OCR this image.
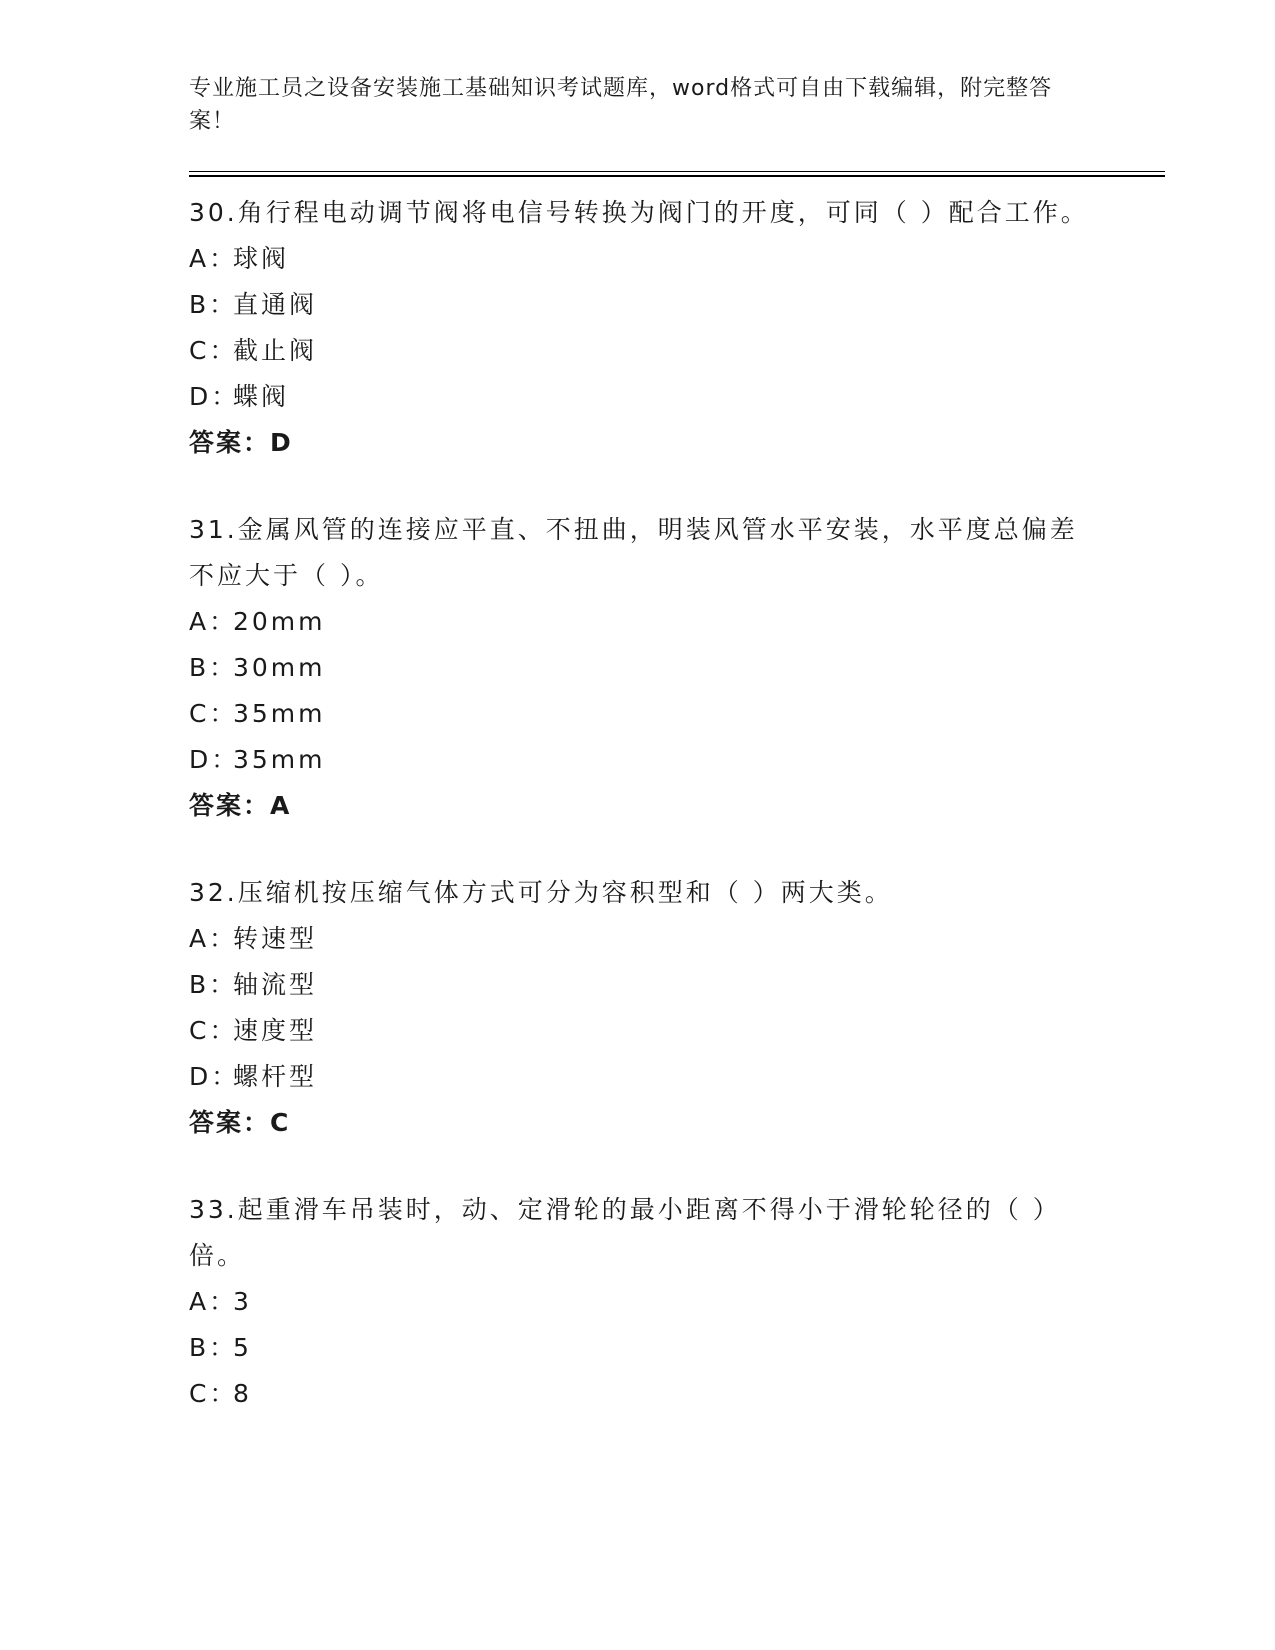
专业施工员之设备安装施工基础知识考试题库，word格式可自由下载编辑，附完整答案！

30.角行程电动调节阀将电信号转换为阀门的开度，可同（ ）配合工作。

A：
球阀
B：
直通阀
C：
截止阀
D：
蝶阀
答案：D

31.金属风管的连接应平直、不扭曲，明装风管水平安装，水平度总偏差不应大于（ ）。

A：
20mm
B：
30mm
C：
35mm
D：
35mm
答案：A

32.压缩机按压缩气体方式可分为容积型和（ ）两大类。

A：
转速型
B：
轴流型
C：
速度型
D：
螺杆型
答案：C

33.起重滑车吊装时，动、定滑轮的最小距离不得小于滑轮轮径的（ ）倍。

A：
3
B：
5
C：
8
